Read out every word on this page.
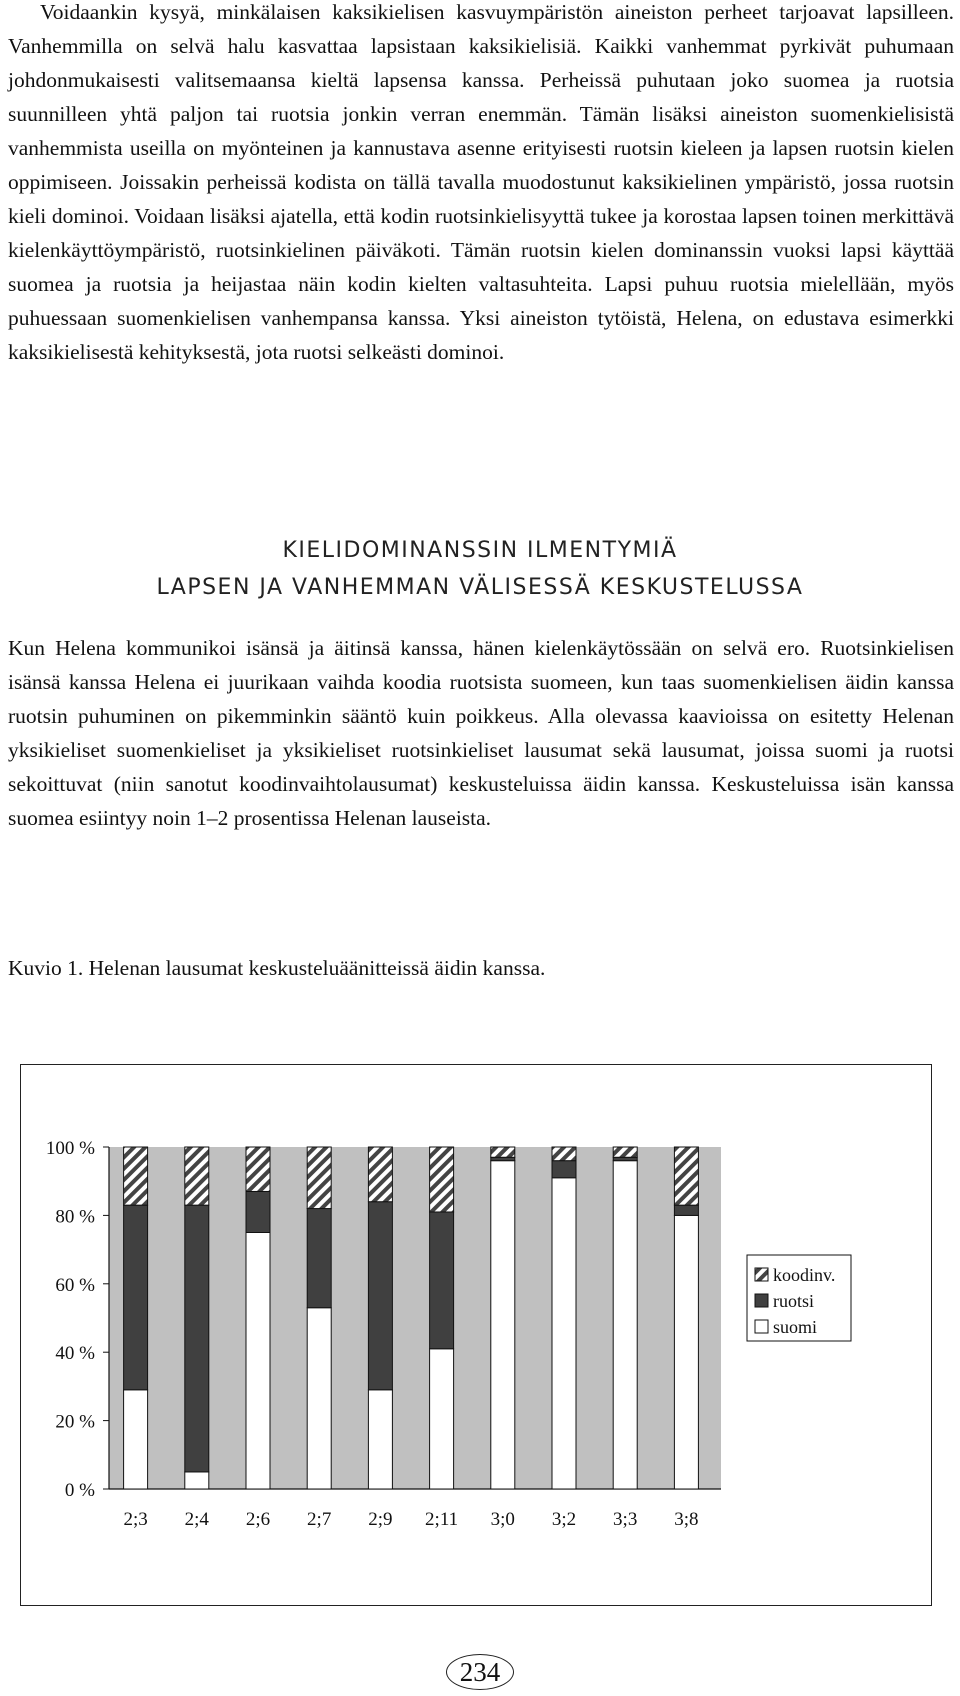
Voidaankin kysyä, minkälaisen kaksikielisen kasvuympäristön aineiston perheet tarjoavat lapsilleen. Vanhemmilla on selvä halu kasvattaa lapsistaan kaksikielisiä. Kaikki vanhemmat pyrkivät puhumaan johdonmukaisesti valitsemaansa kieltä lapsensa kanssa. Perheissä puhutaan joko suomea ja ruotsia suunnilleen yhtä paljon tai ruotsia jonkin verran enemmän. Tämän lisäksi aineiston suomenkielisistä vanhemmista useilla on myönteinen ja kannustava asenne erityisesti ruotsin kieleen ja lapsen ruotsin kielen oppimiseen. Joissakin perheissä kodista on tällä tavalla muodostunut kaksikielinen ympäristö, jossa ruotsin kieli dominoi. Voidaan lisäksi ajatella, että kodin ruotsinkielisyyttä tukee ja korostaa lapsen toinen merkittävä kielenkäyttöympäristö, ruotsinkielinen päiväkoti. Tämän ruotsin kielen dominanssin vuoksi lapsi käyttää suomea ja ruotsia ja heijastaa näin kodin kielten valtasuhteita. Lapsi puhuu ruotsia mielellään, myös puhuessaan suomenkielisen vanhempansa kanssa. Yksi aineiston tytöistä, Helena, on edustava esimerkki kaksikielisestä kehityksestä, jota ruotsi selkeästi dominoi.
KIELIDOMINANSSIN ILMENTYMIÄ
LAPSEN JA VANHEMMAN VÄLISESSÄ KESKUSTELUSSA
Kun Helena kommunikoi isänsä ja äitinsä kanssa, hänen kielenkäytössään on selvä ero. Ruotsinkielisen isänsä kanssa Helena ei juurikaan vaihda koodia ruotsista suomeen, kun taas suomenkielisen äidin kanssa ruotsin puhuminen on pikemminkin sääntö kuin poikkeus. Alla olevassa kaavioissa on esitetty Helenan yksikieliset suomenkieliset ja yksikieliset ruotsinkieliset lausumat sekä lausumat, joissa suomi ja ruotsi sekoittuvat (niin sanotut koodinvaihtolausumat) keskusteluissa äidin kanssa. Keskusteluissa isän kanssa suomea esiintyy noin 1–2 prosentissa Helenan lauseista.
Kuvio 1. Helenan lausumat keskusteluäänitteissä äidin kanssa.
0 %
20 %
40 %
60 %
80 %
100 %
2;3 2;4 2;6 2;7 2;9 2;11 3;0 3;2 3;3 3;8
koodinv.
ruotsi
suomi
234
